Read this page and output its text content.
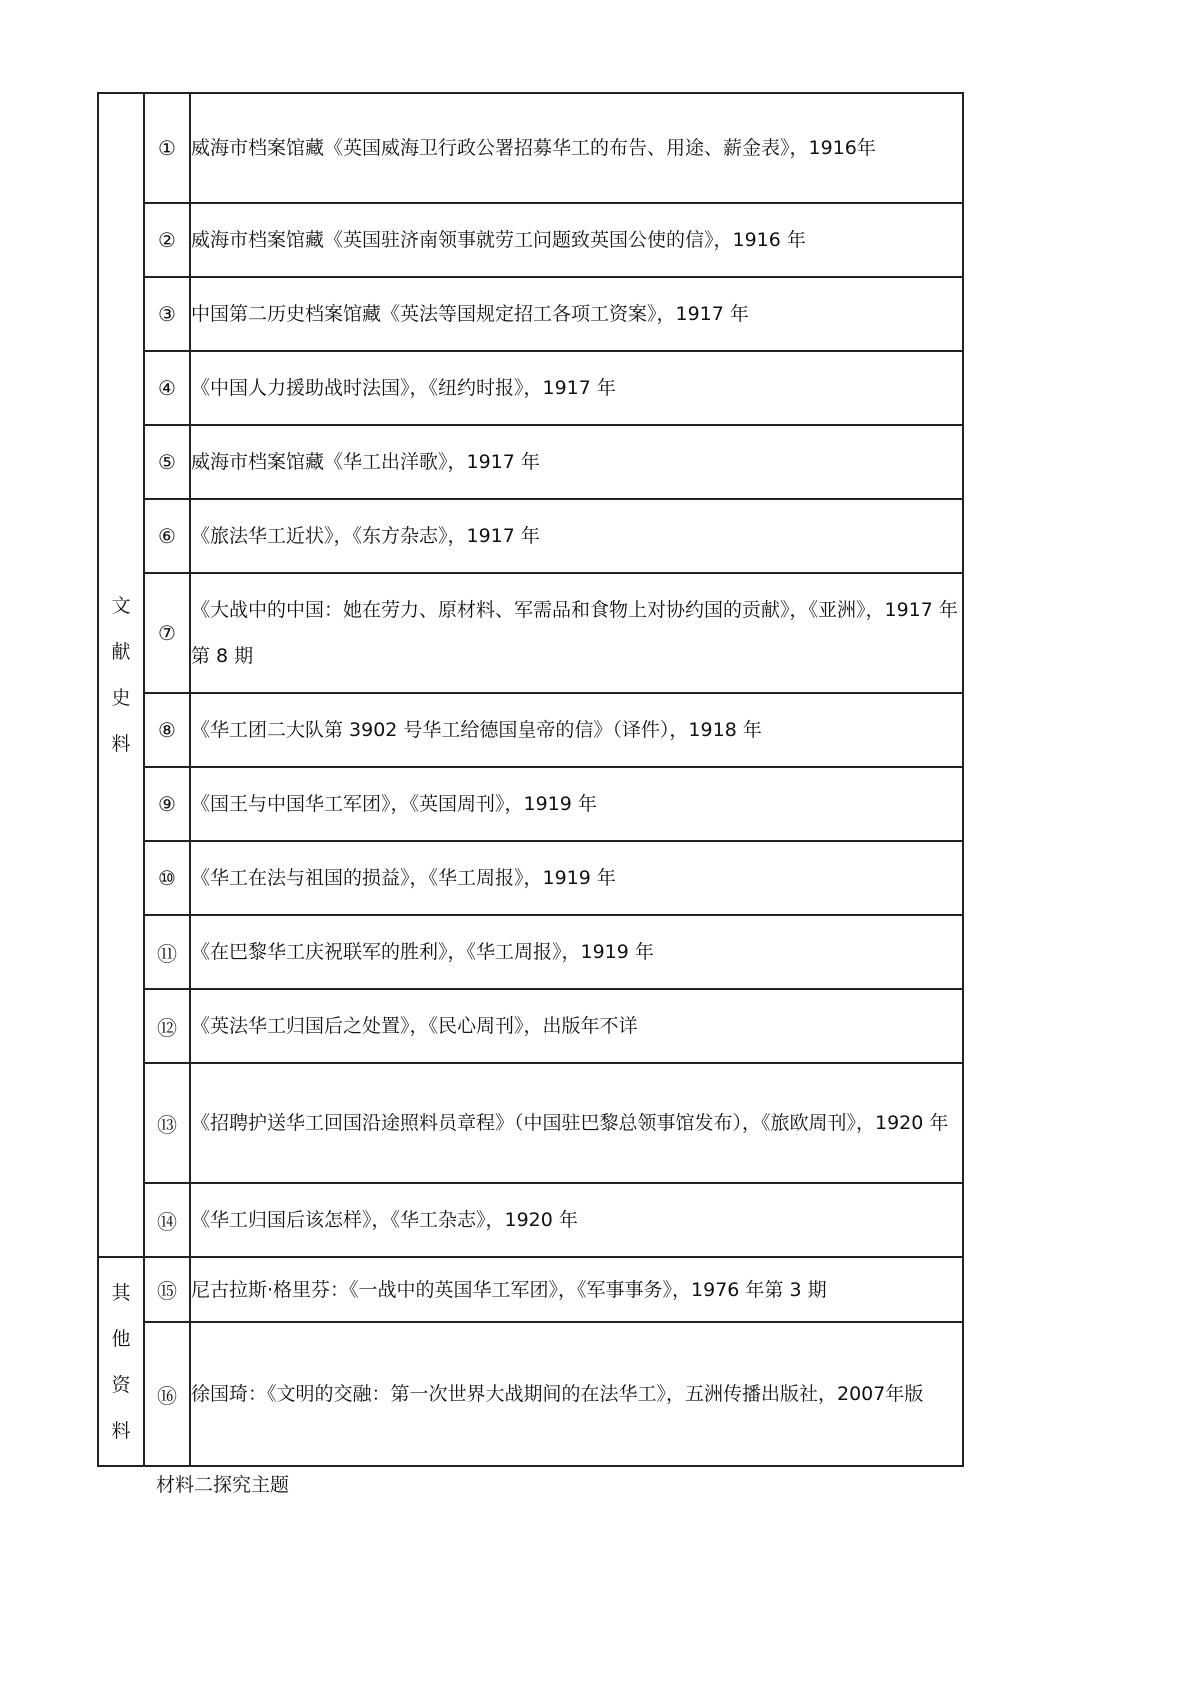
文献史料	①	威海市档案馆藏《英国威海卫行政公署招募华工的布告、用途、薪金表》，1916年
	②	威海市档案馆藏《英国驻济南领事就劳工问题致英国公使的信》，1916 年
	③	中国第二历史档案馆藏《英法等国规定招工各项工资案》，1917 年
	④	《中国人力援助战时法国》，《纽约时报》，1917 年
	⑤	威海市档案馆藏《华工出洋歌》，1917 年
	⑥	《旅法华工近状》，《东方杂志》，1917 年
	⑦	《大战中的中国：她在劳力、原材料、军需品和食物上对协约国的贡献》，《亚洲》，1917 年第 8 期
	⑧	《华工团二大队第 3902 号华工给德国皇帝的信》（译件），1918 年
	⑨	《国王与中国华工军团》，《英国周刊》，1919 年
	⑩	《华工在法与祖国的损益》，《华工周报》，1919 年
	⑪	《在巴黎华工庆祝联军的胜利》，《华工周报》，1919 年
	⑫	《英法华工归国后之处置》，《民心周刊》，出版年不详
	⑬	《招聘护送华工回国沿途照料员章程》（中国驻巴黎总领事馆发布），《旅欧周刊》，1920 年
	⑭	《华工归国后该怎样》，《华工杂志》，1920 年
其他资料	⑮	尼古拉斯·格里芬：《一战中的英国华工军团》，《军事事务》，1976 年第 3 期
	⑯	徐国琦：《文明的交融：第一次世界大战期间的在法华工》，五洲传播出版社，2007年版
材料二探究主题
